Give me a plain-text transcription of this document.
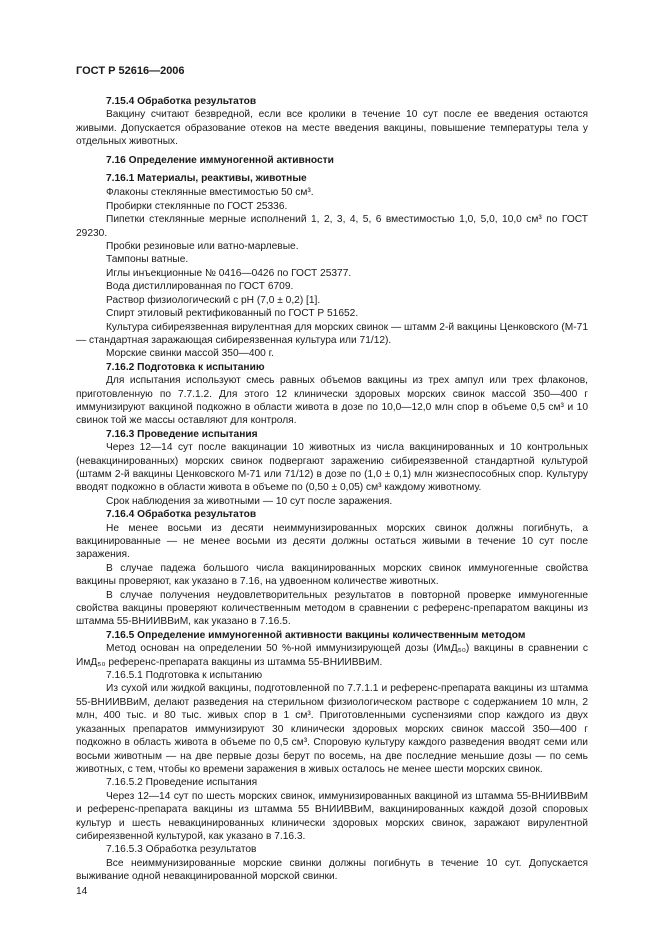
ГОСТ Р 52616—2006

7.15.4 Обработка результатов

Вакцину считают безвредной, если все кролики в течение 10 сут после ее введения остаются живыми. Допускается образование отеков на месте введения вакцины, повышение температуры тела у отдельных животных.

7.16 Определение иммуногенной активности

7.16.1 Материалы, реактивы, животные

Флаконы стеклянные вместимостью 50 см³.

Пробирки стеклянные по ГОСТ 25336.

Пипетки стеклянные мерные исполнений 1, 2, 3, 4, 5, 6 вместимостью 1,0, 5,0, 10,0 см³ по ГОСТ 29230.

Пробки резиновые или ватно-марлевые.

Тампоны ватные.

Иглы инъекционные № 0416—0426 по ГОСТ 25377.

Вода дистиллированная по ГОСТ 6709.

Раствор физиологический с рН (7,0 ± 0,2) [1].

Спирт этиловый ректификованный по ГОСТ Р 51652.

Культура сибиреязвенная вирулентная для морских свинок — штамм 2-й вакцины Ценковского (М-71 — стандартная заражающая сибиреязвенная культура или 71/12).

Морские свинки массой 350—400 г.

7.16.2 Подготовка к испытанию

Для испытания используют смесь равных объемов вакцины из трех ампул или трех флаконов, приготовленную по 7.7.1.2. Для этого 12 клинически здоровых морских свинок массой 350—400 г иммунизируют вакциной подкожно в области живота в дозе по 10,0—12,0 млн спор в объеме 0,5 см³ и 10 свинок той же массы оставляют для контроля.

7.16.3 Проведение испытания

Через 12—14 сут после вакцинации 10 животных из числа вакцинированных и 10 контрольных (невакцинированных) морских свинок подвергают заражению сибиреязвенной стандартной культурой (штамм 2-й вакцины Ценковского М-71 или 71/12) в дозе по (1,0 ± 0,1) млн жизнеспособных спор. Культуру вводят подкожно в области живота в объеме по (0,50 ± 0,05) см³ каждому животному.

Срок наблюдения за животными — 10 сут после заражения.

7.16.4 Обработка результатов

Не менее восьми из десяти неиммунизированных морских свинок должны погибнуть, а вакцинированные — не менее восьми из десяти должны остаться живыми в течение 10 сут после заражения.

В случае падежа большого числа вакцинированных морских свинок иммуногенные свойства вакцины проверяют, как указано в 7.16, на удвоенном количестве животных.

В случае получения неудовлетворительных результатов в повторной проверке иммуногенные свойства вакцины проверяют количественным методом в сравнении с референс-препаратом вакцины из штамма 55-ВНИИВВиМ, как указано в 7.16.5.

7.16.5 Определение иммуногенной активности вакцины количественным методом

Метод основан на определении 50 %-ной иммунизирующей дозы (ИмД₅₀) вакцины в сравнении с ИмД₅₀ референс-препарата вакцины из штамма 55-ВНИИВВиМ.

7.16.5.1 Подготовка к испытанию

Из сухой или жидкой вакцины, подготовленной по 7.7.1.1 и референс-препарата вакцины из штамма 55-ВНИИВВиМ, делают разведения на стерильном физиологическом растворе с содержанием 10 млн, 2 млн, 400 тыс. и 80 тыс. живых спор в 1 см³. Приготовленными суспензиями спор каждого из двух указанных препаратов иммунизируют 30 клинически здоровых морских свинок массой 350—400 г подкожно в область живота в объеме по 0,5 см³. Споровую культуру каждого разведения вводят семи или восьми животным — на две первые дозы берут по восемь, на две последние меньшие дозы — по семь животных, с тем, чтобы ко времени заражения в живых осталось не менее шести морских свинок.

7.16.5.2 Проведение испытания

Через 12—14 сут по шесть морских свинок, иммунизированных вакциной из штамма 55-ВНИИВВиМ и референс-препарата вакцины из штамма 55 ВНИИВВиМ, вакцинированных каждой дозой споровых культур и шесть невакцинированных клинически здоровых морских свинок, заражают вирулентной сибиреязвенной культурой, как указано в 7.16.3.

7.16.5.3 Обработка результатов

Все неиммунизированные морские свинки должны погибнуть в течение 10 сут. Допускается выживание одной невакцинированной морской свинки.

14
